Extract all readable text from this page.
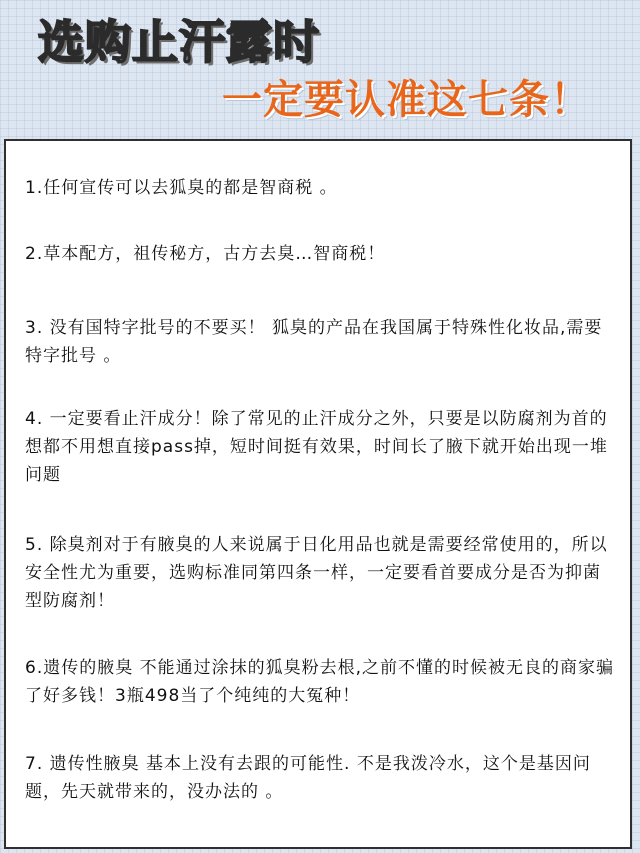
选购止汗露时
一定要认准这七条！

1.任何宣传可以去狐臭的都是智商税 。

2.草本配方，祖传秘方，古方去臭…智商税！

3. 没有国特字批号的不要买！ 狐臭的产品在我国属于特殊性化妆品,需要特字批号 。

4. 一定要看止汗成分！除了常见的止汗成分之外，只要是以防腐剂为首的想都不用想直接pass掉，短时间挺有效果，时间长了腋下就开始出现一堆问题

5. 除臭剂对于有腋臭的人来说属于日化用品也就是需要经常使用的，所以安全性尤为重要，选购标准同第四条一样，一定要看首要成分是否为抑菌型防腐剂！

6.遗传的腋臭 不能通过涂抹的狐臭粉去根,之前不懂的时候被无良的商家骗了好多钱！3瓶498当了个纯纯的大冤种！

7. 遗传性腋臭 基本上没有去跟的可能性. 不是我泼冷水，这个是基因问题，先天就带来的，没办法的 。
